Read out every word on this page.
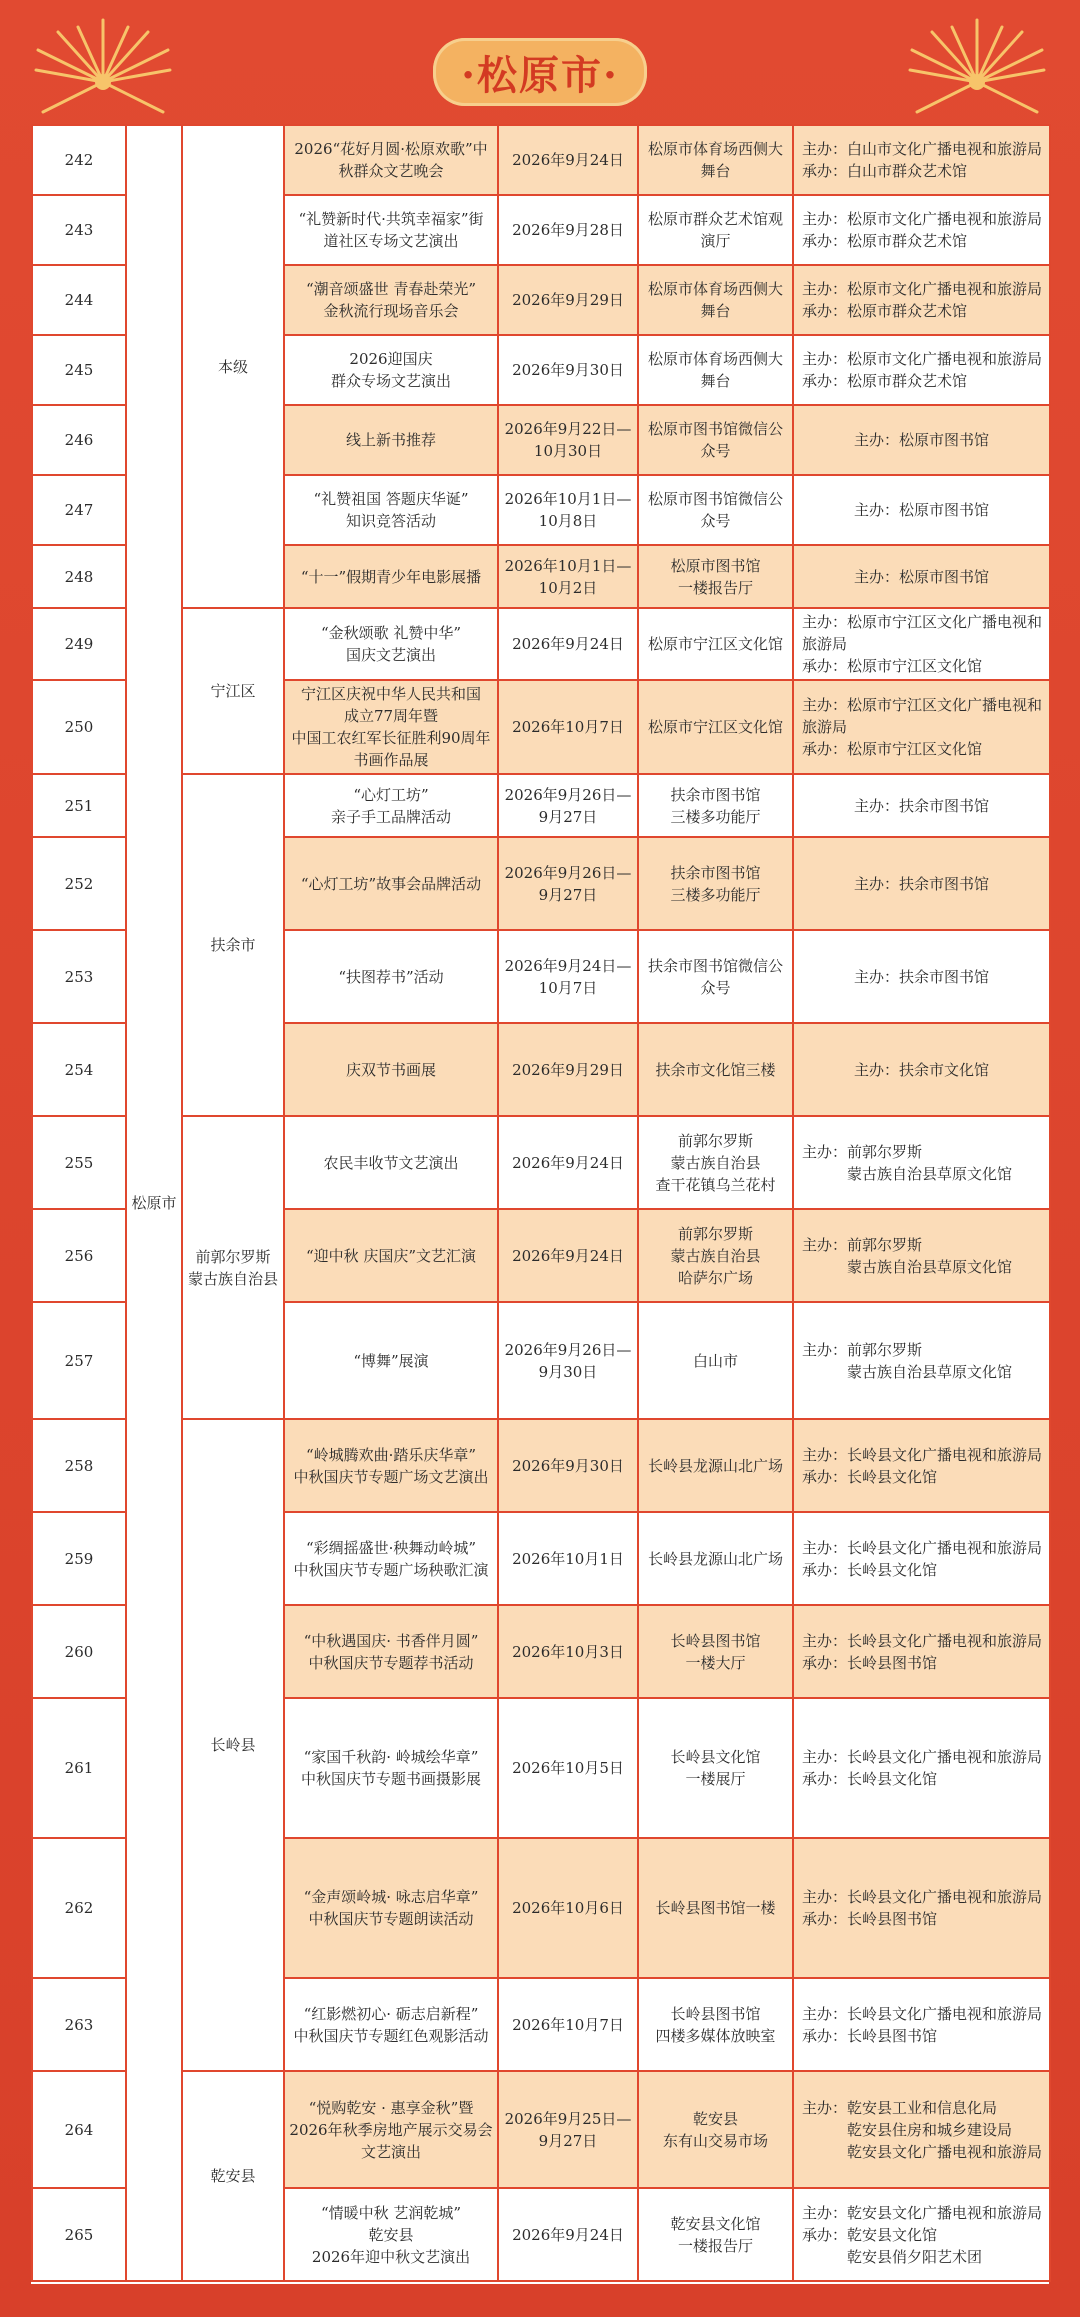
·松原市·
242	松原市	本级	2026“花好月圆·松原欢歌”中
秋群众文艺晚会	2026年9月24日	松原市体育场西侧大
舞台	主办：白山市文化广播电视和旅游局
承办：白山市群众艺术馆
243			“礼赞新时代·共筑幸福家”街
道社区专场文艺演出	2026年9月28日	松原市群众艺术馆观
演厅	主办：松原市文化广播电视和旅游局
承办：松原市群众艺术馆
244			“潮音颂盛世 青春赴荣光”
金秋流行现场音乐会	2026年9月29日	松原市体育场西侧大
舞台	主办：松原市文化广播电视和旅游局
承办：松原市群众艺术馆
245			2026迎国庆
群众专场文艺演出	2026年9月30日	松原市体育场西侧大
舞台	主办：松原市文化广播电视和旅游局
承办：松原市群众艺术馆
246			线上新书推荐	2026年9月22日—
10月30日	松原市图书馆微信公
众号	主办：松原市图书馆
247			“礼赞祖国 答题庆华诞”
知识竞答活动	2026年10月1日—
10月8日	松原市图书馆微信公
众号	主办：松原市图书馆
248			“十一”假期青少年电影展播	2026年10月1日—
10月2日	松原市图书馆
一楼报告厅	主办：松原市图书馆
249		宁江区	“金秋颂歌 礼赞中华”
国庆文艺演出	2026年9月24日	松原市宁江区文化馆	主办：松原市宁江区文化广播电视和
旅游局
承办：松原市宁江区文化馆
250			宁江区庆祝中华人民共和国
成立77周年暨
中国工农红军长征胜利90周年
书画作品展	2026年10月7日	松原市宁江区文化馆	主办：松原市宁江区文化广播电视和
旅游局
承办：松原市宁江区文化馆
251		扶余市	“心灯工坊”
亲子手工品牌活动	2026年9月26日—
9月27日	扶余市图书馆
三楼多功能厅	主办：扶余市图书馆
252			“心灯工坊”故事会品牌活动	2026年9月26日—
9月27日	扶余市图书馆
三楼多功能厅	主办：扶余市图书馆
253			“扶图荐书”活动	2026年9月24日—
10月7日	扶余市图书馆微信公
众号	主办：扶余市图书馆
254			庆双节书画展	2026年9月29日	扶余市文化馆三楼	主办：扶余市文化馆
255		前郭尔罗斯
蒙古族自治县	农民丰收节文艺演出	2026年9月24日	前郭尔罗斯
蒙古族自治县
查干花镇乌兰花村	主办：前郭尔罗斯
　　　蒙古族自治县草原文化馆
256			“迎中秋 庆国庆”文艺汇演	2026年9月24日	前郭尔罗斯
蒙古族自治县
哈萨尔广场	主办：前郭尔罗斯
　　　蒙古族自治县草原文化馆
257			“博舞”展演	2026年9月26日—
9月30日	白山市	主办：前郭尔罗斯
　　　蒙古族自治县草原文化馆
258		长岭县	“岭城腾欢曲·踏乐庆华章”
中秋国庆节专题广场文艺演出	2026年9月30日	长岭县龙源山北广场	主办：长岭县文化广播电视和旅游局
承办：长岭县文化馆
259			“彩绸摇盛世·秧舞动岭城”
中秋国庆节专题广场秧歌汇演	2026年10月1日	长岭县龙源山北广场	主办：长岭县文化广播电视和旅游局
承办：长岭县文化馆
260			“中秋遇国庆· 书香伴月圆”
中秋国庆节专题荐书活动	2026年10月3日	长岭县图书馆
一楼大厅	主办：长岭县文化广播电视和旅游局
承办：长岭县图书馆
261			“家国千秋韵· 岭城绘华章”
中秋国庆节专题书画摄影展	2026年10月5日	长岭县文化馆
一楼展厅	主办：长岭县文化广播电视和旅游局
承办：长岭县文化馆
262			“金声颂岭城· 咏志启华章”
中秋国庆节专题朗读活动	2026年10月6日	长岭县图书馆一楼	主办：长岭县文化广播电视和旅游局
承办：长岭县图书馆
263			“红影燃初心· 砺志启新程”
中秋国庆节专题红色观影活动	2026年10月7日	长岭县图书馆
四楼多媒体放映室	主办：长岭县文化广播电视和旅游局
承办：长岭县图书馆
264		乾安县	“悦购乾安 · 惠享金秋”暨
2026年秋季房地产展示交易会
文艺演出	2026年9月25日—
9月27日	乾安县
东有山交易市场	主办：乾安县工业和信息化局
　　　乾安县住房和城乡建设局
　　　乾安县文化广播电视和旅游局
265			“情暖中秋 艺润乾城”
乾安县
2026年迎中秋文艺演出	2026年9月24日	乾安县文化馆
一楼报告厅	主办：乾安县文化广播电视和旅游局
承办：乾安县文化馆
　　　乾安县俏夕阳艺术团
